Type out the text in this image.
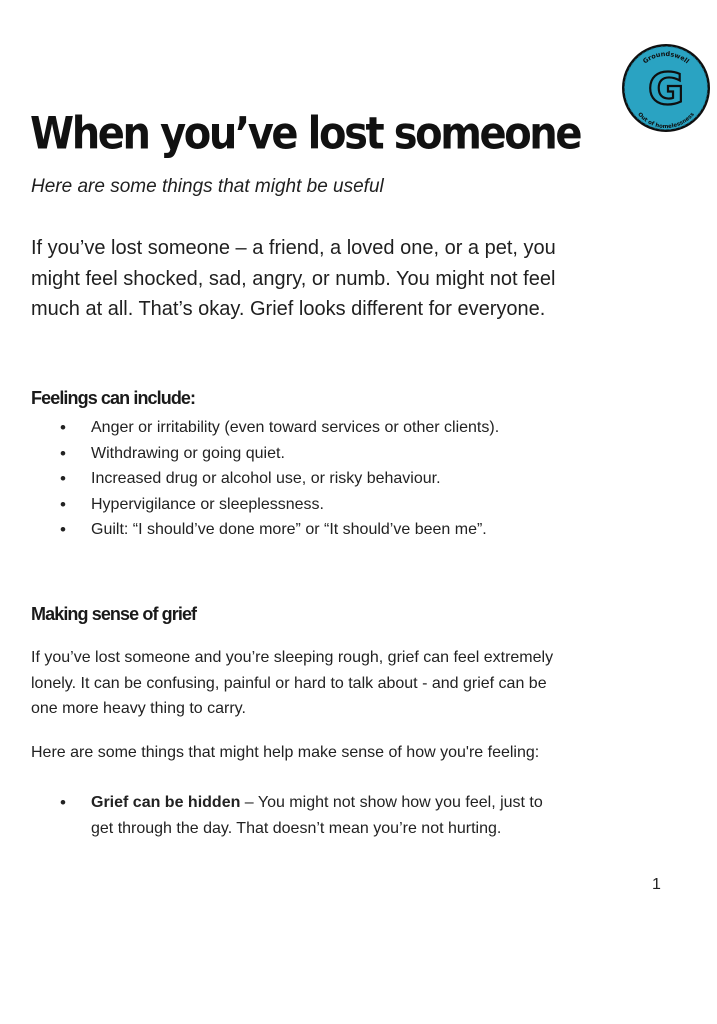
Groundswell
Out of homelessness
G
When you’ve lost someone

Here are some things that might be useful

If you’ve lost someone – a friend, a loved one, or a pet, you might feel shocked, sad, angry, or numb. You might not feel much at all. That’s okay. Grief looks different for everyone.

Feelings can include:
• Anger or irritability (even toward services or other clients).
• Withdrawing or going quiet.
• Increased drug or alcohol use, or risky behaviour.
• Hypervigilance or sleeplessness.
• Guilt: “I should’ve done more” or “It should’ve been me”.
Making sense of grief

If you’ve lost someone and you’re sleeping rough, grief can feel extremely lonely. It can be confusing, painful or hard to talk about - and grief can be one more heavy thing to carry.

Here are some things that might help make sense of how you're feeling:

• Grief can be hidden – You might not show how you feel, just to get through the day. That doesn’t mean you’re not hurting.

1
